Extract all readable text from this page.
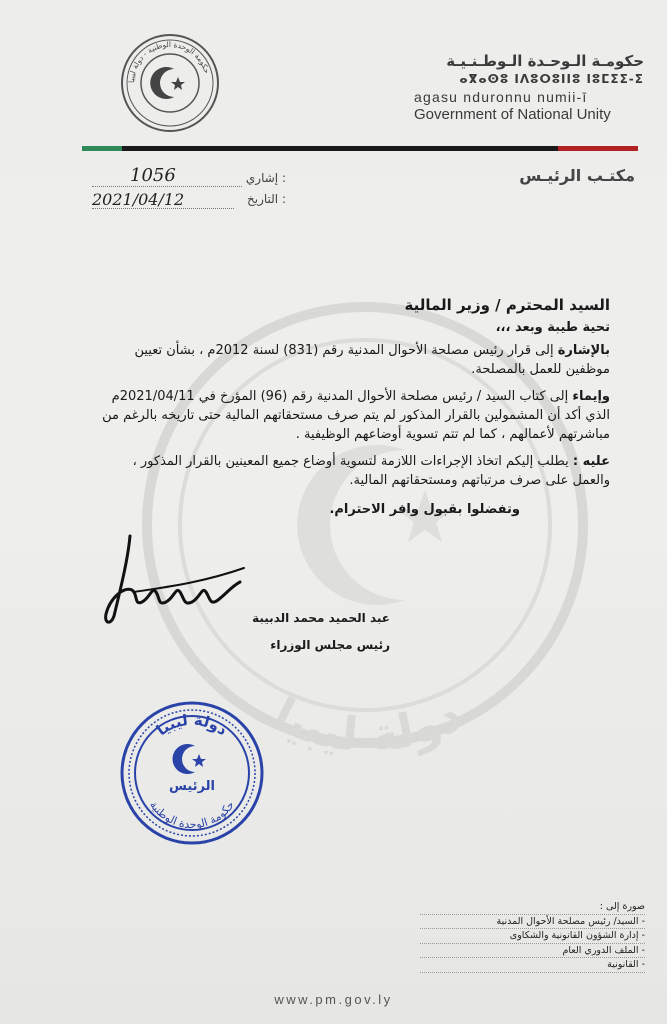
دولة ليبيا
حكومة الوحدة الوطنية - دولة ليبيا
حكومـة الـوحـدة الـوطـنـيـة
ⴰⴳⴰⵙⵓ ⵏⴷⵓⵔⵓⵏⵏⵓ ⵏⵓⵎⵉⵉ-ⵉ
agasu nduronnu numii-ī
Government of National Unity
مكتـب الرئيـس
إشاري :
1056
التاريخ :
2021/04/12

السيد المحترم / وزير المالية

تحية طيبة وبعد ،،،

بالإشارة إلى قرار رئيس مصلحة الأحوال المدنية رقم (831) لسنة 2012م ، بشأن تعيين موظفين للعمل بالمصلحة.

وإيماء إلى كتاب السيد / رئيس مصلحة الأحوال المدنية رقم (96) المؤرخ في 2021/04/11م الذي أكد أن المشمولين بالقرار المذكور لم يتم صرف مستحقاتهم المالية حتى تاريخه بالرغم من مباشرتهم لأعمالهم ، كما لم تتم تسوية أوضاعهم الوظيفية .

عليه : يطلب إليكم اتخاذ الإجراءات اللازمة لتسوية أوضاع جميع المعينين بالقرار المذكور ، والعمل على صرف مرتباتهم ومستحقاتهم المالية.

وتفضلوا بقبول وافر الاحترام.

عبد الحميد محمد الدبيبة
رئيس مجلس الوزراء
دولة ليبيا
الرئيس
حكومة الوحدة الوطنية

صورة إلى :

- السيد/ رئيس مصلحة الأحوال المدنية

- إدارة الشؤون القانونية والشكاوى

- الملف الدوري العام

- القانونية

www.pm.gov.ly
